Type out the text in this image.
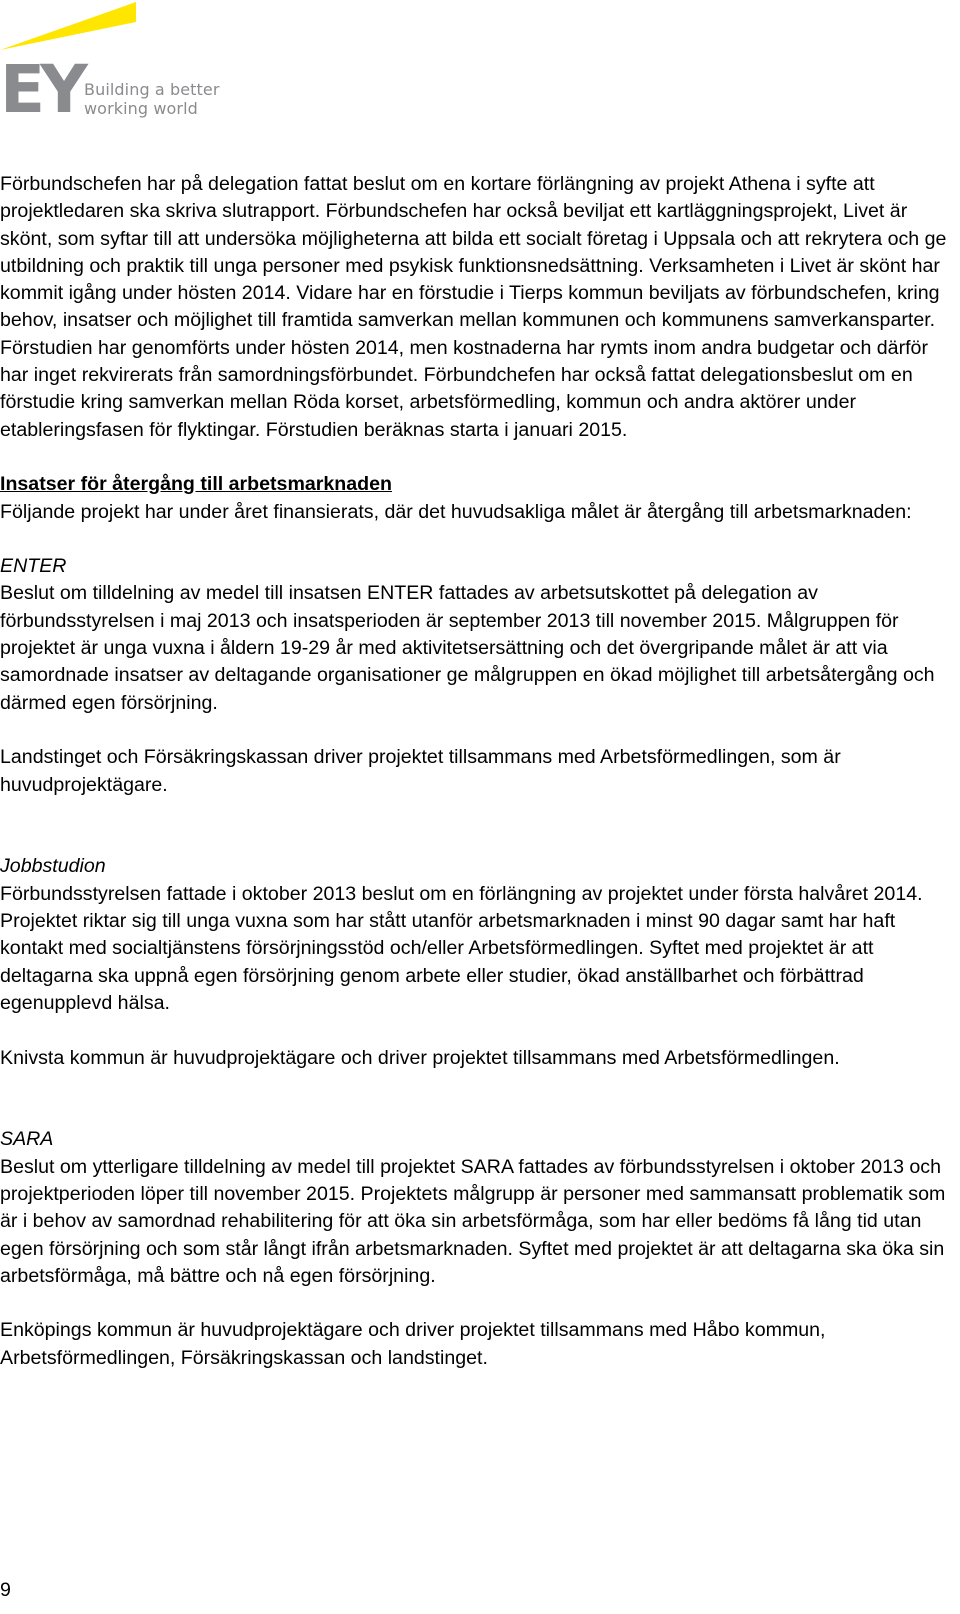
EY Building a better
working world

Förbundschefen har på delegation fattat beslut om en kortare förlängning av projekt Athena i syfte att projektledaren ska skriva slutrapport. Förbundschefen har också beviljat ett kartläggningsprojekt, Livet är skönt, som syftar till att undersöka möjligheterna att bilda ett socialt företag i Uppsala och att rekrytera och ge utbildning och praktik till unga personer med psykisk funktionsnedsättning. Verksamheten i Livet är skönt har kommit igång under hösten 2014. Vidare har en förstudie i Tierps kommun beviljats av förbundschefen, kring behov, insatser och möjlighet till framtida samverkan mellan kommunen och kommunens samverkansparter. Förstudien har genomförts under hösten 2014, men kostnaderna har rymts inom andra budgetar och därför har inget rekvirerats från samordningsförbundet. Förbundchefen har också fattat delegationsbeslut om en förstudie kring samverkan mellan Röda korset, arbetsförmedling, kommun och andra aktörer under etableringsfasen för flyktingar. Förstudien beräknas starta i januari 2015.

Insatser för återgång till arbetsmarknaden

Följande projekt har under året finansierats, där det huvudsakliga målet är återgång till arbetsmarknaden:

ENTER

Beslut om tilldelning av medel till insatsen ENTER fattades av arbetsutskottet på delegation av förbundsstyrelsen i maj 2013 och insatsperioden är september 2013 till november 2015. Målgruppen för projektet är unga vuxna i åldern 19-29 år med aktivitetsersättning och det övergripande målet är att via samordnade insatser av deltagande organisationer ge målgruppen en ökad möjlighet till arbetsåtergång och därmed egen försörjning.

Landstinget och Försäkringskassan driver projektet tillsammans med Arbetsförmedlingen, som är huvudprojektägare.

Jobbstudion

Förbundsstyrelsen fattade i oktober 2013 beslut om en förlängning av projektet under första halvåret 2014. Projektet riktar sig till unga vuxna som har stått utanför arbetsmarknaden i minst 90 dagar samt har haft kontakt med socialtjänstens försörjningsstöd och/eller Arbetsförmedlingen. Syftet med projektet är att deltagarna ska uppnå egen försörjning genom arbete eller studier, ökad anställbarhet och förbättrad egenupplevd hälsa.

Knivsta kommun är huvudprojektägare och driver projektet tillsammans med Arbetsförmedlingen.

SARA

Beslut om ytterligare tilldelning av medel till projektet SARA fattades av förbundsstyrelsen i oktober 2013 och projektperioden löper till november 2015. Projektets målgrupp är personer med sammansatt problematik som är i behov av samordnad rehabilitering för att öka sin arbetsförmåga, som har eller bedöms få lång tid utan egen försörjning och som står långt ifrån arbetsmarknaden. Syftet med projektet är att deltagarna ska öka sin arbetsförmåga, må bättre och nå egen försörjning.

Enköpings kommun är huvudprojektägare och driver projektet tillsammans med Håbo kommun, Arbetsförmedlingen, Försäkringskassan och landstinget.

9
